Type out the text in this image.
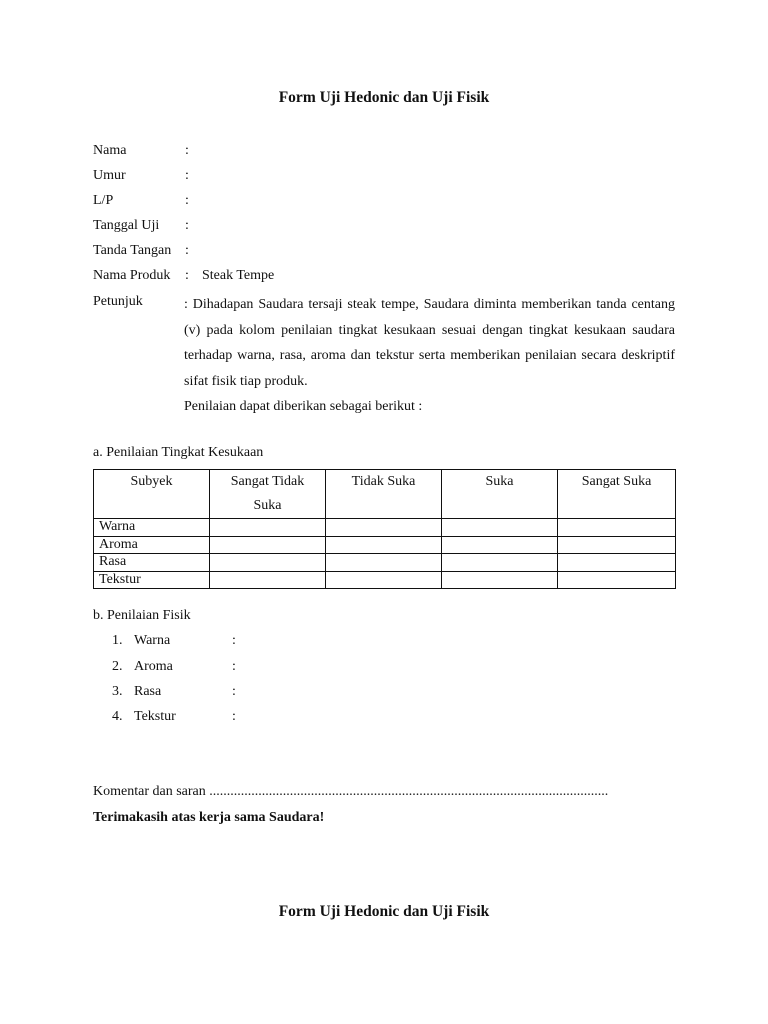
Form Uji Hedonic dan Uji Fisik
Nama	:
Umur	:
L/P	:
Tanggal Uji :
Tanda Tangan :
Nama Produk : Steak Tempe
Petunjuk	: Dihadapan Saudara tersaji steak tempe, Saudara diminta memberikan tanda centang (v) pada kolom penilaian tingkat kesukaan sesuai dengan tingkat kesukaan saudara terhadap warna, rasa, aroma dan tekstur serta memberikan penilaian secara deskriptif sifat fisik tiap produk.
Penilaian dapat diberikan sebagai berikut :
a. Penilaian Tingkat Kesukaan
Subyek	Sangat Tidak Suka	Tidak Suka	Suka	Sangat Suka
Warna				
Aroma				
Rasa				
Tekstur				
b. Penilaian Fisik
1. Warna	:
2. Aroma	:
3. Rasa	:
4. Tekstur	:
Komentar dan saran ..................................................................................................................
Terimakasih atas kerja sama Saudara!
Form Uji Hedonic dan Uji Fisik
